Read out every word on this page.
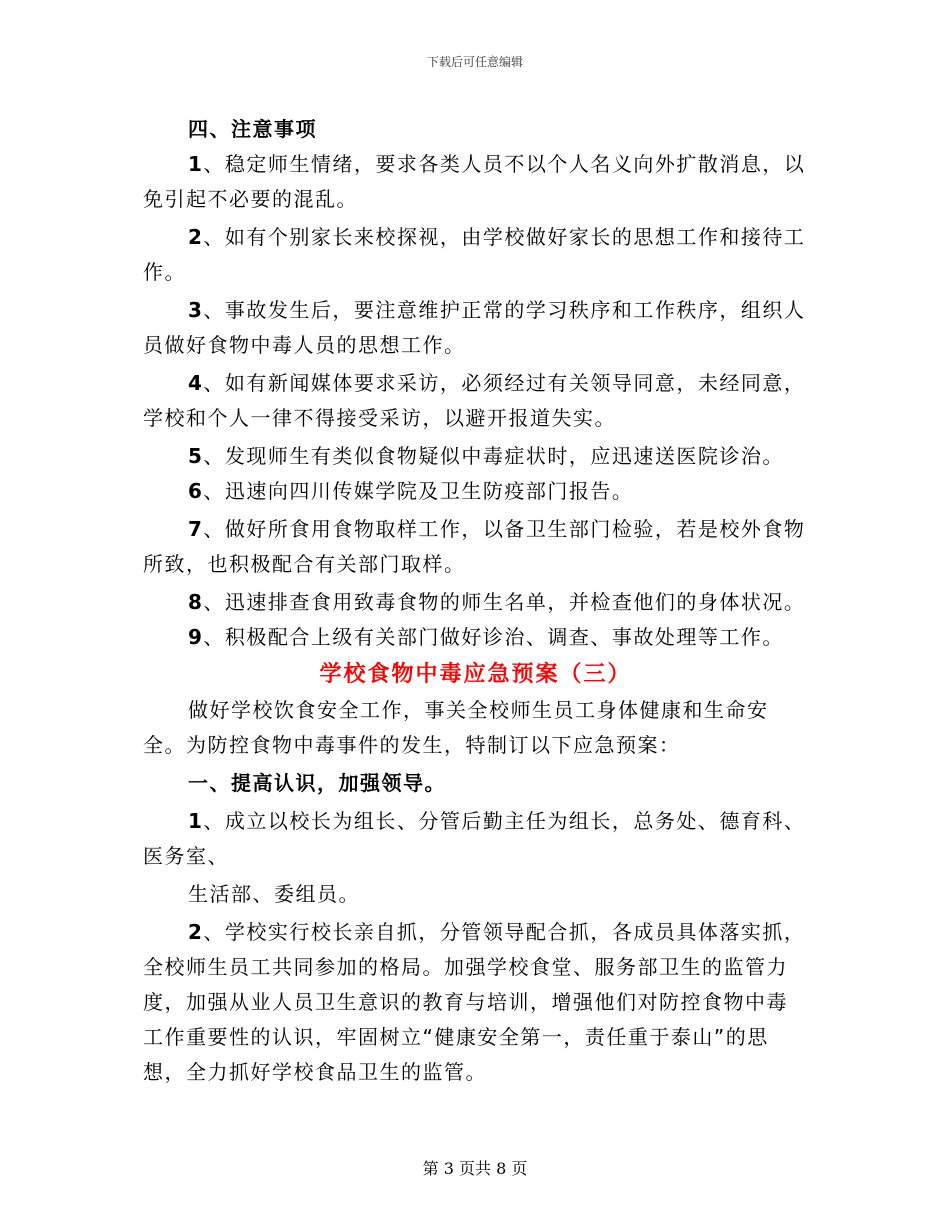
下载后可任意编辑

四、注意事项

1、稳定师生情绪，要求各类人员不以个人名义向外扩散消息，以免引起不必要的混乱。

2、如有个别家长来校探视，由学校做好家长的思想工作和接待工作。

3、事故发生后，要注意维护正常的学习秩序和工作秩序，组织人员做好食物中毒人员的思想工作。

4、如有新闻媒体要求采访，必须经过有关领导同意，未经同意，学校和个人一律不得接受采访，以避开报道失实。

5、发现师生有类似食物疑似中毒症状时，应迅速送医院诊治。

6、迅速向四川传媒学院及卫生防疫部门报告。

7、做好所食用食物取样工作，以备卫生部门检验，若是校外食物所致，也积极配合有关部门取样。

8、迅速排查食用致毒食物的师生名单，并检查他们的身体状况。

9、积极配合上级有关部门做好诊治、调查、事故处理等工作。

学校食物中毒应急预案（三）

做好学校饮食安全工作，事关全校师生员工身体健康和生命安全。为防控食物中毒事件的发生，特制订以下应急预案：

一、提高认识，加强领导。

1、成立以校长为组长、分管后勤主任为组长，总务处、德育科、医务室、

生活部、委组员。

2、学校实行校长亲自抓，分管领导配合抓，各成员具体落实抓，全校师生员工共同参加的格局。加强学校食堂、服务部卫生的监管力度，加强从业人员卫生意识的教育与培训，增强他们对防控食物中毒工作重要性的认识，牢固树立“健康安全第一，责任重于泰山”的思想，全力抓好学校食品卫生的监管。

第 3 页共 8 页
